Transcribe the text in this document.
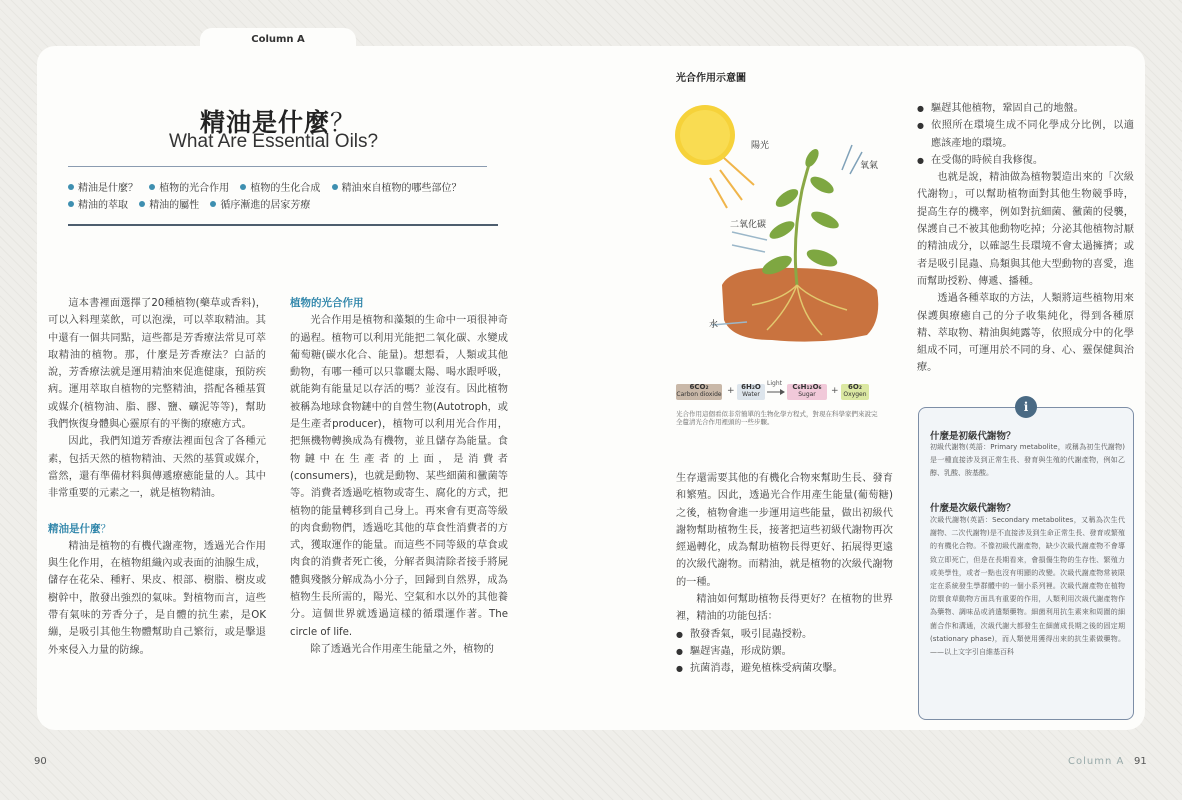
Column A
精油是什麼？
What Are Essential Oils?
精油是什麼？ 植物的光合作用 植物的生化合成 精油來自植物的哪些部位？ 精油的萃取 精油的屬性 循序漸進的居家芳療

這本書裡面選擇了20種植物(藥草或香料)，可以入料理菜飲，可以泡澡，可以萃取精油。其中還有一個共同點，這些都是芳香療法常見可萃取精油的植物。那，什麼是芳香療法？白話的說，芳香療法就是運用精油來促進健康，預防疾病。運用萃取自植物的完整精油，搭配各種基質或媒介(植物油、脂、膠、鹽、礦泥等等)，幫助我們恢復身體與心靈原有的平衡的療癒方式。

因此，我們知道芳香療法裡面包含了各種元素，包括天然的植物精油、天然的基質或媒介，當然，還有準備材料與傳遞療癒能量的人。其中非常重要的元素之一，就是植物精油。

精油是什麼？

精油是植物的有機代謝產物，透過光合作用與生化作用，在植物組織內或表面的油腺生成，儲存在花朵、種籽、果皮、根部、樹脂、樹皮或樹幹中，散發出強烈的氣味。對植物而言，這些帶有氣味的芳香分子，是自體的抗生素，是OK繃，是吸引其他生物體幫助自己繁衍，或是擊退外來侵入力量的防線。

植物的光合作用

光合作用是植物和藻類的生命中一項很神奇的過程。植物可以利用光能把二氧化碳、水變成葡萄糖(碳水化合、能量)。想想看，人類或其他動物，有哪一種可以只靠曬太陽、喝水跟呼吸，就能夠有能量足以存活的嗎？並沒有。因此植物被稱為地球食物鏈中的自營生物(Autotroph，或是生產者producer)，植物可以利用光合作用，把無機物轉換成為有機物，並且儲存為能量。食物鏈中在生產者的上面，是消費者(consumers)，也就是動物、某些細菌和黴菌等等。消費者透過吃植物或寄生、腐化的方式，把植物的能量轉移到自己身上。再來會有更高等級的肉食動物們，透過吃其他的草食性消費者的方式，獲取運作的能量。而這些不同等級的草食或肉食的消費者死亡後，分解者與清除者接手將屍體與殘骸分解成為小分子，回歸到自然界，成為植物生長所需的，陽光、空氣和水以外的其他養分。這個世界就透過這樣的循環運作著。The circle of life.

除了透過光合作用產生能量之外，植物的

90
光合作用示意圖
陽光
氧氣
二氧化碳
水
6CO₂
Carbon dioxide + 6H₂O
Water
Light	C₆H₁₂O₆
Sugar	+	6O₂
Oxygen
光合作用這個看似非常簡單的生物化學方程式，對現在科學家們來說完全釐清光合作用裡頭的一些步驟。

生存還需要其他的有機化合物來幫助生長、發育和繁殖。因此，透過光合作用產生能量(葡萄糖)之後，植物會進一步運用這些能量，做出初級代謝物幫助植物生長，接著把這些初級代謝物再次經過轉化，成為幫助植物長得更好、拓展得更遠的次級代謝物。而精油，就是植物的次級代謝物的一種。

精油如何幫助植物長得更好？在植物的世界裡，精油的功能包括：

● 散發香氣，吸引昆蟲授粉。
● 驅趕害蟲，形成防禦。
● 抗菌消毒，避免植株受病菌攻擊。
● 驅趕其他植物，鞏固自己的地盤。
● 依照所在環境生成不同化學成分比例，以適應該產地的環境。
● 在受傷的時候自我修復。

也就是說，精油做為植物製造出來的「次級代謝物」，可以幫助植物面對其他生物競爭時，提高生存的機率，例如對抗細菌、黴菌的侵襲，保護自己不被其他動物吃掉；分泌其他植物討厭的精油成分，以確認生長環境不會太過擁擠；或者是吸引昆蟲、鳥類與其他大型動物的喜愛，進而幫助授粉、傳遞、播種。

透過各種萃取的方法，人類將這些植物用來保護與療癒自己的分子收集純化，得到各種原精、萃取物、精油與純露等，依照成分中的化學組成不同，可運用於不同的身、心、靈保健與治療。

i
什麼是初級代謝物？
初級代謝物(英語：Primary metabolite，或稱為初生代謝物)是一種直接涉及到正常生長、發育與生殖的代謝產物，例如乙醇、乳酸、胺基酸。
什麼是次級代謝物？
次級代謝物(英語：Secondary metabolites，又稱為次生代謝物、二次代謝物)是不直接涉及到生命正常生長、發育或繁殖的有機化合物。不像初級代謝產物，缺少次級代謝產物不會導致立即死亡，但是在長期看來，會損傷生物的生存性、繁殖力或美學性，或者一點也沒有明顯的改變。次級代謝產物常被限定在系統發生學群體中的一個小系列裡。次級代謝產物在植物防禦食草動物方面具有重要的作用，人類利用次級代謝產物作為藥物、調味品或消遣類藥物。細菌利用抗生素來和周圍的細菌合作和溝通，次級代謝大都發生在細菌成長期之後的固定期(stationary phase)，而人類使用獲得出來的抗生素做藥物。——以上文字引自維基百科
Column A 91
